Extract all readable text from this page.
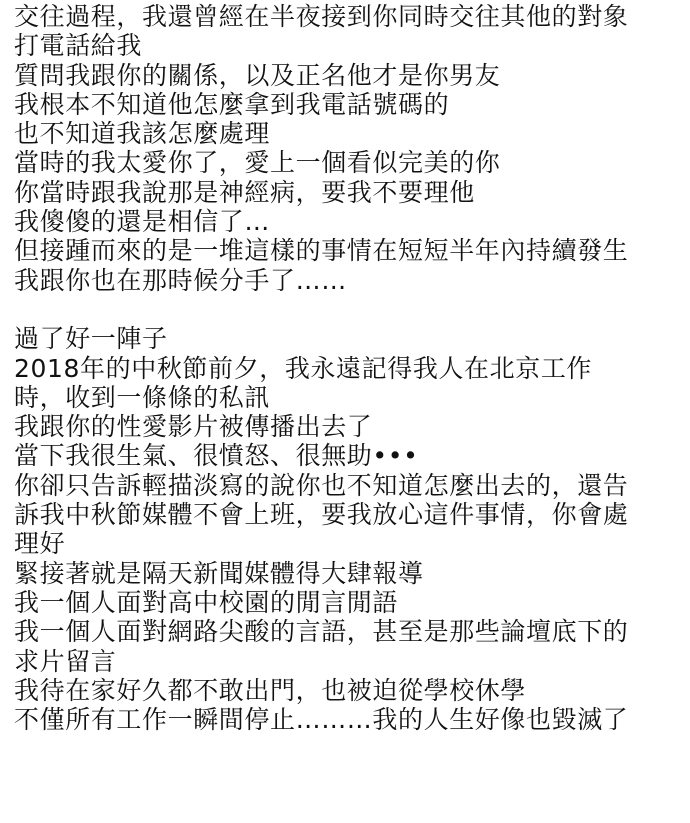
交往過程，我還曾經在半夜接到你同時交往其他的對象
打電話給我
質問我跟你的關係，以及正名他才是你男友
我根本不知道他怎麼拿到我電話號碼的
也不知道我該怎麼處理
當時的我太愛你了，愛上一個看似完美的你
你當時跟我說那是神經病，要我不要理他
我傻傻的還是相信了…
但接踵而來的是一堆這樣的事情在短短半年內持續發生
我跟你也在那時候分手了……
過了好一陣子
2018年的中秋節前夕，我永遠記得我人在北京工作
時，收到一條條的私訊
我跟你的性愛影片被傳播出去了
當下我很生氣、很憤怒、很無助•••
你卻只告訴輕描淡寫的說你也不知道怎麼出去的，還告
訴我中秋節媒體不會上班，要我放心這件事情，你會處
理好
緊接著就是隔天新聞媒體得大肆報導
我一個人面對高中校園的閒言閒語
我一個人面對網路尖酸的言語，甚至是那些論壇底下的
求片留言
我待在家好久都不敢出門，也被迫從學校休學
不僅所有工作一瞬間停止………我的人生好像也毀滅了
